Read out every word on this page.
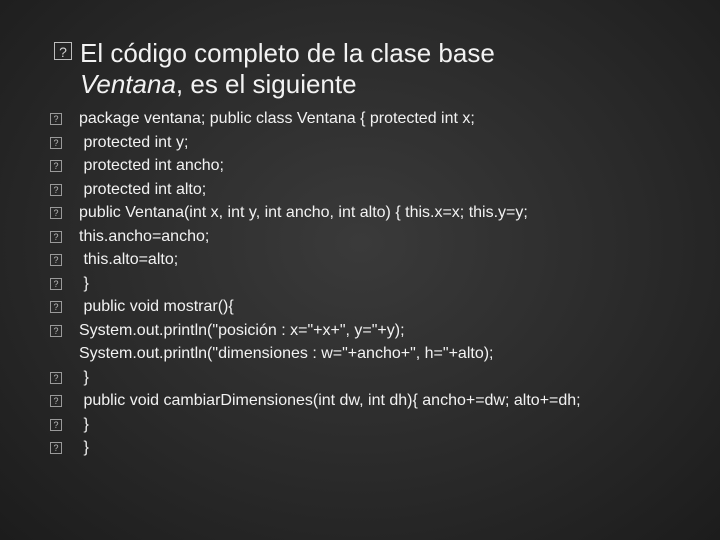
? El código completo de la clase base
Ventana, es el siguiente
?	package ventana; public class Ventana { protected int x;
?	protected int y;
?	protected int ancho;
?	protected int alto;
?	public Ventana(int x, int y, int ancho, int alto) { this.x=x; this.y=y;
?	this.ancho=ancho;
?	this.alto=alto;
?	}
?	public void mostrar(){
?	System.out.println("posición : x="+x+", y="+y);
System.out.println("dimensiones : w="+ancho+", h="+alto);
?	}
?	public void cambiarDimensiones(int dw, int dh){ ancho+=dw; alto+=dh;
?	}
?	}
